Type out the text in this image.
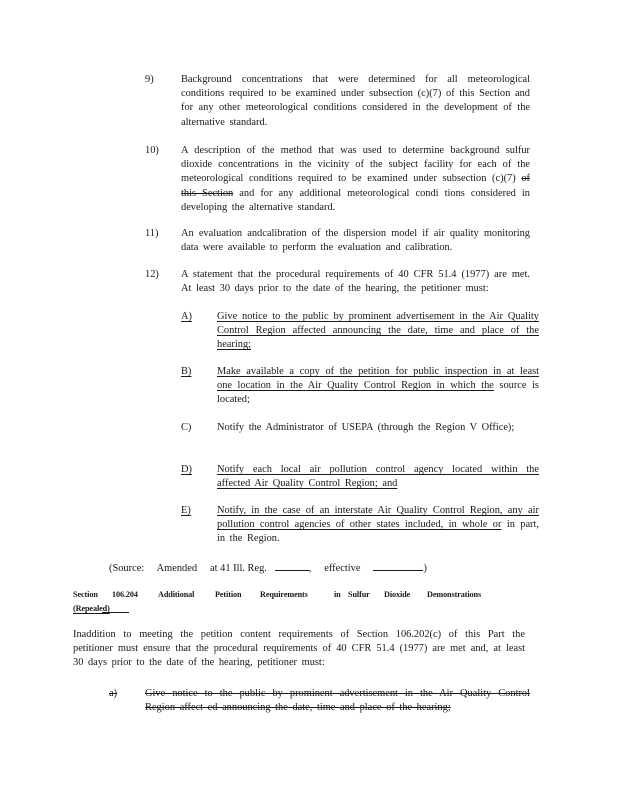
9)	Background concentrations that were determined for all meteorological conditions required to be examined under subsection (c)(7) of this Section and for any other meteorological conditions considered in the development of the alternative standard.
10)	A description of the method that was used to determine background sulfur dioxide concentrations in the vicinity of the subject facility for each of the meteorological conditions required to be examined under subsection (c)(7) of this Section and for any additional meteorological condi tions considered in developing the alternative standard.
11)	An evaluation andcalibration of the dispersion model if air quality monitoring data were available to perform the evaluation and calibration.
12)	A statement that the procedural requirements of 40 CFR 51.4 (1977) are met. At least 30 days prior to the date of the hearing, the petitioner must:
A)	Give notice to the public by prominent advertisement in the Air Quality Control Region affected announcing the date, time and place of the hearing;
B)	Make available a copy of the petition for public inspection in at least one location in the Air Quality Control Region in which the source is located;
C)	Notify the Administrator of USEPA (through the Region V Office);
D)	Notify each local air pollution control agency located within the affected Air Quality Control Region; and
E)	Notify, in the case of an interstate Air Quality Control Region, any air pollution control agencies of other states included, in whole or in part, in the Region.
(Source: Amended at 41 Ill. Reg.	, effective	)
Section 106.204 Additional	Petition Requirements	in Sulfur Dioxide Demonstrations
(Repealed)
Inaddition to meeting the petition content requirements of Section 106.202(c) of this Part the petitioner must ensure that the procedural requirements of 40 CFR 51.4 (1977) are met and, at least 30 days prior to the date of the hearing, petitioner must:
a)	Give notice to the public by prominent advertisement in the Air Quality Control Region affect ed announcing the date, time and place of the hearing;
